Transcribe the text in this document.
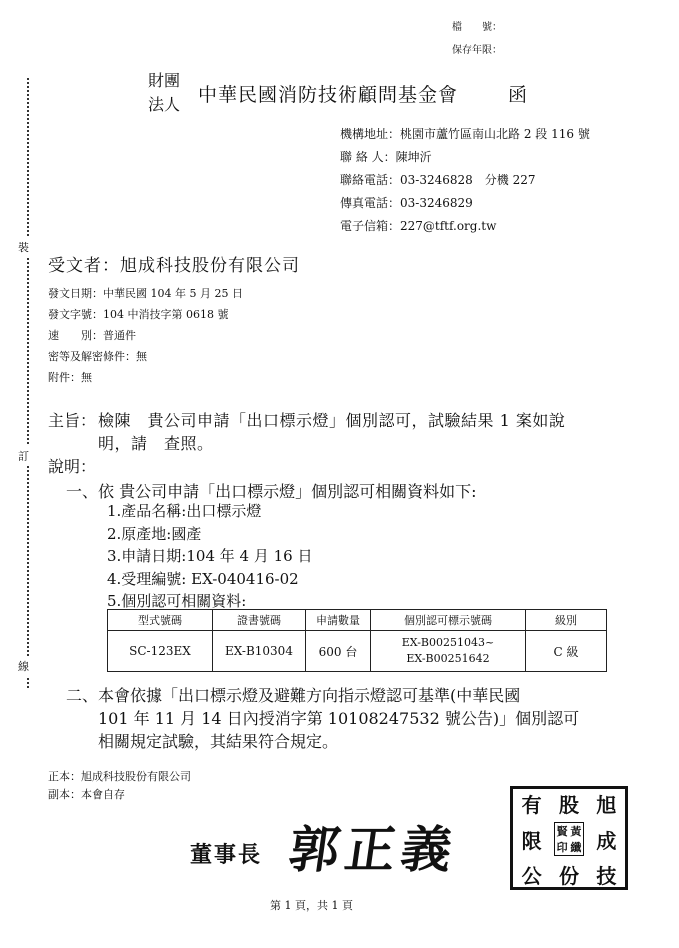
檔　　號：
保存年限：
裝
訂
線
財團
法人 中華民國消防技術顧問基金會	函
機構地址：桃園市蘆竹區南山北路 2 段 116 號
聯 絡 人：陳坤沂
聯絡電話：03-3246828　分機 227
傳真電話：03-3246829
電子信箱：227@tftf.org.tw
受文者：旭成科技股份有限公司
發文日期：中華民國 104 年 5 月 25 日
發文字號：104 中消技字第 0618 號
速　　別：普通件
密等及解密條件：無
附件：無
主旨： 檢陳　貴公司申請「出口標示燈」個別認可，試驗結果 1 案如說
明，請　查照。
說明：
一、依 貴公司申請「出口標示燈」個別認可相關資料如下:
1.產品名稱:出口標示燈
2.原產地:國產
3.申請日期:104 年 4 月 16 日
4.受理編號: EX-040416-02
5.個別認可相關資料:
型式號碼	證書號碼	申請數量	個別認可標示號碼	級別
SC-123EX	EX-B10304	600 台	EX-B00251043~
EX-B00251642	C 級
二、本會依據「出口標示燈及避難方向指示燈認可基準(中華民國
101 年 11 月 14 日內授消字第 10108247532 號公告)」個別認可
相關規定試驗，其結果符合規定。
正本：旭成科技股份有限公司
副本：本會自存
董事長 郭正義
有 股 旭
限	賢 黃
印 纖 成
公 份 技
第 1 頁，共 1 頁
